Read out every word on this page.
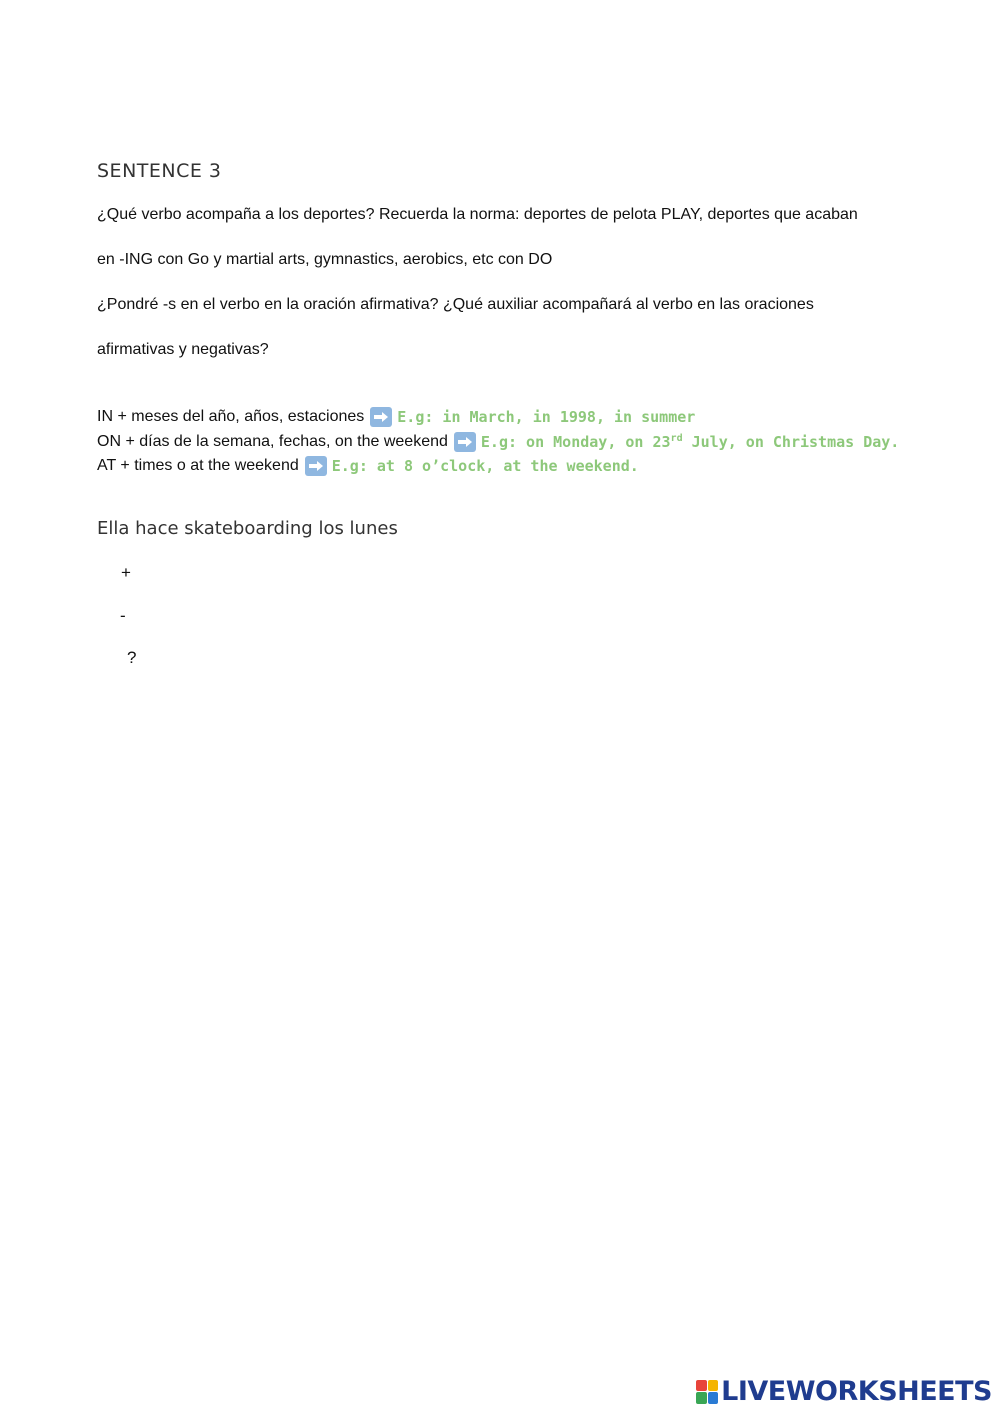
SENTENCE 3
¿Qué verbo acompaña a los deportes? Recuerda la norma: deportes de pelota PLAY, deportes que acaban
en -ING con Go y martial arts, gymnastics, aerobics, etc con DO
¿Pondré -s en el verbo en la oración afirmativa? ¿Qué auxiliar acompañará al verbo en las oraciones
afirmativas y negativas?
IN + meses del año, años, estaciones E.g: in March, in 1998, in summer
ON + días de la semana, fechas, on the weekend E.g: on Monday, on 23rd July, on Christmas Day.
AT + times o at the weekend E.g: at 8 o’clock, at the weekend.
Ella hace skateboarding los lunes
+
-
?
LIVEWORKSHEETS
